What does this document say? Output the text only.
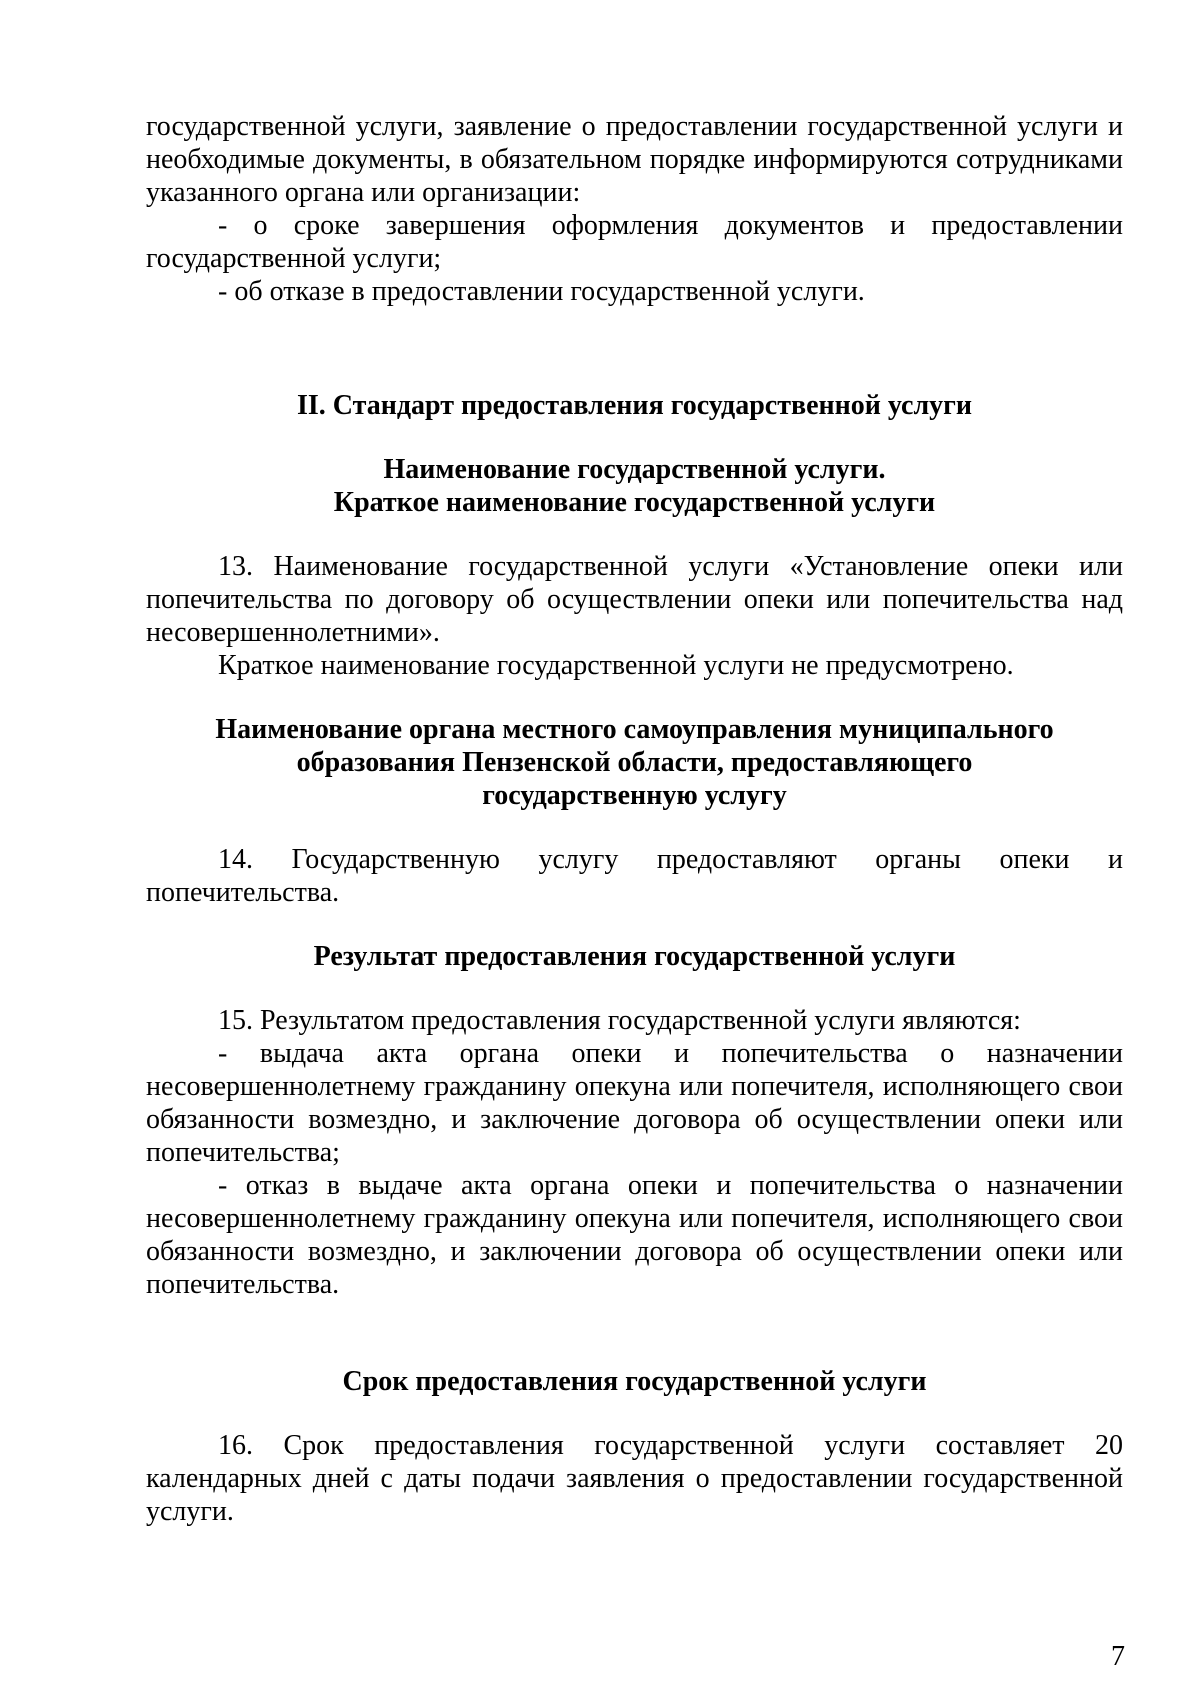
государственной услуги, заявление о предоставлении государственной услуги и необходимые документы, в обязательном порядке информируются сотрудниками указанного органа или организации:

- о сроке завершения оформления документов и предоставлении государственной услуги;

- об отказе в предоставлении государственной услуги.

II. Стандарт предоставления государственной услуги

Наименование государственной услуги.

Краткое наименование государственной услуги

13. Наименование государственной услуги «Установление опеки или попечительства по договору об осуществлении опеки или попечительства над несовершеннолетними».

Краткое наименование государственной услуги не предусмотрено.

Наименование органа местного самоуправления муниципального

образования Пензенской области, предоставляющего

государственную услугу

14. Государственную услугу предоставляют органы опеки и попечительства.

Результат предоставления государственной услуги

15. Результатом предоставления государственной услуги являются:

- выдача акта органа опеки и попечительства о назначении несовершеннолетнему гражданину опекуна или попечителя, исполняющего свои обязанности возмездно, и заключение договора об осуществлении опеки или попечительства;

- отказ в выдаче акта органа опеки и попечительства о назначении несовершеннолетнему гражданину опекуна или попечителя, исполняющего свои обязанности возмездно, и заключении договора об осуществлении опеки или попечительства.

Срок предоставления государственной услуги

16. Срок предоставления государственной услуги составляет 20 календарных дней с даты подачи заявления о предоставлении государственной услуги.

7
